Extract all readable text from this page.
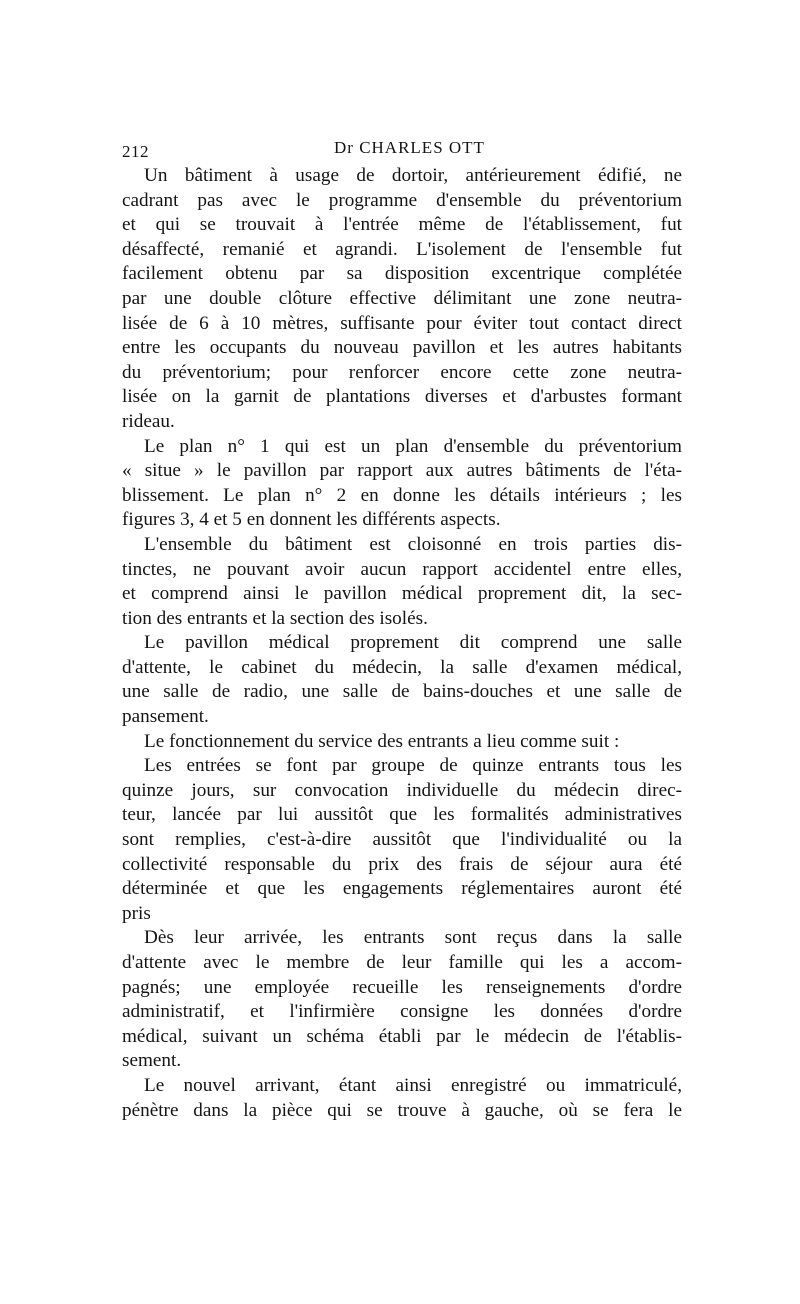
212	Dr CHARLES OTT

Un bâtiment à usage de dortoir, antérieurement édifié, ne
cadrant pas avec le programme d'ensemble du préventorium
et qui se trouvait à l'entrée même de l'établissement, fut
désaffecté, remanié et agrandi. L'isolement de l'ensemble fut
facilement obtenu par sa disposition excentrique complétée
par une double clôture effective délimitant une zone neutra-
lisée de 6 à 10 mètres, suffisante pour éviter tout contact direct
entre les occupants du nouveau pavillon et les autres habitants
du préventorium; pour renforcer encore cette zone neutra-
lisée on la garnit de plantations diverses et d'arbustes formant
rideau.

Le plan n° 1 qui est un plan d'ensemble du préventorium
« situe » le pavillon par rapport aux autres bâtiments de l'éta-
blissement. Le plan n° 2 en donne les détails intérieurs ; les
figures 3, 4 et 5 en donnent les différents aspects.

L'ensemble du bâtiment est cloisonné en trois parties dis-
tinctes, ne pouvant avoir aucun rapport accidentel entre elles,
et comprend ainsi le pavillon médical proprement dit, la sec-
tion des entrants et la section des isolés.

Le pavillon médical proprement dit comprend une salle
d'attente, le cabinet du médecin, la salle d'examen médical,
une salle de radio, une salle de bains-douches et une salle de
pansement.

Le fonctionnement du service des entrants a lieu comme suit :

Les entrées se font par groupe de quinze entrants tous les
quinze jours, sur convocation individuelle du médecin direc-
teur, lancée par lui aussitôt que les formalités administratives
sont remplies, c'est-à-dire aussitôt que l'individualité ou la
collectivité responsable du prix des frais de séjour aura été
déterminée et que les engagements réglementaires auront été
pris

Dès leur arrivée, les entrants sont reçus dans la salle
d'attente avec le membre de leur famille qui les a accom-
pagnés; une employée recueille les renseignements d'ordre
administratif, et l'infirmière consigne les données d'ordre
médical, suivant un schéma établi par le médecin de l'établis-
sement.

Le nouvel arrivant, étant ainsi enregistré ou immatriculé,
pénètre dans la pièce qui se trouve à gauche, où se fera le
